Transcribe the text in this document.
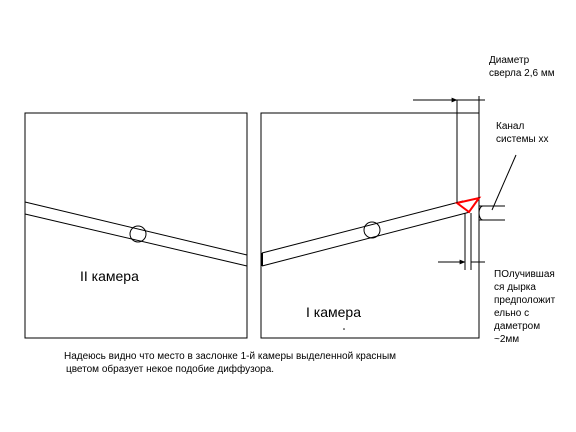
II камера
I камера
Диаметр
сверла 2,6 мм
Канал
системы хх
ПОлучившая
ся дырка
предположит
ельно с
даметром
~2мм
Надеюсь видно что место в заслонке 1-й камеры выделенной красным
цветом образует некое подобие диффузора.
